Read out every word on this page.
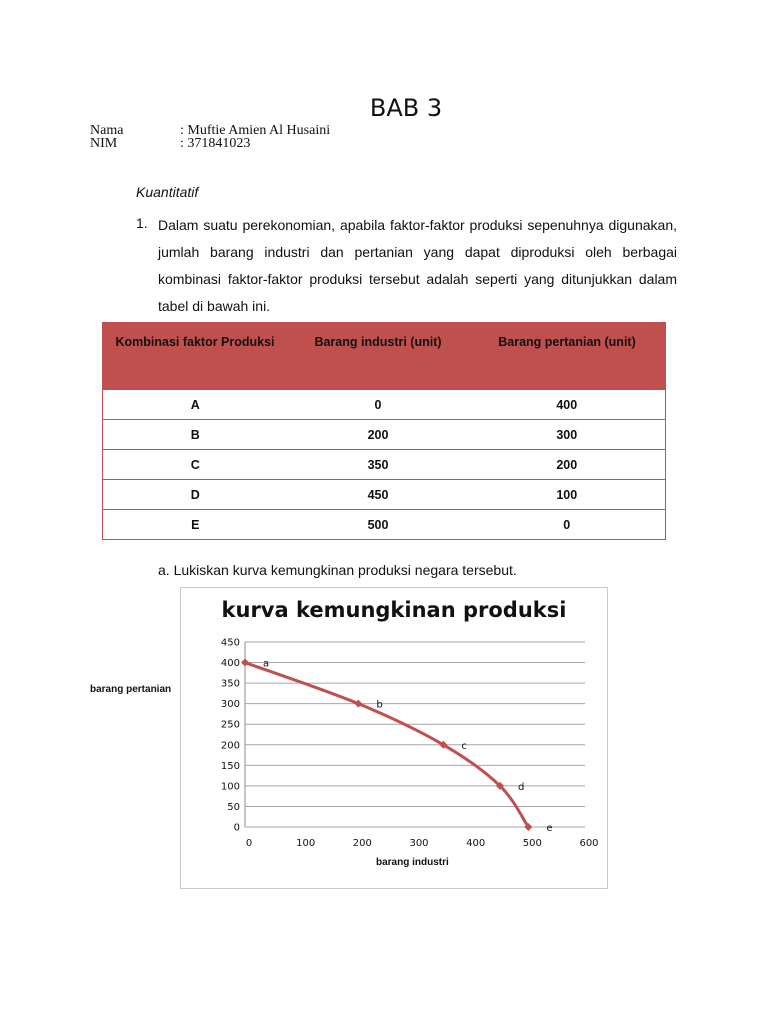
BAB 3
Nama	: Muftie Amien Al Husaini
NIM	: 371841023
Kuantitatif
1. Dalam suatu perekonomian, apabila faktor-faktor produksi sepenuhnya digunakan, jumlah barang industri dan pertanian yang dapat diproduksi oleh berbagai kombinasi faktor-faktor produksi tersebut adalah seperti yang ditunjukkan dalam tabel di bawah ini.
Kombinasi faktor Produksi	Barang industri (unit)	Barang pertanian (unit)
A	0	400
B	200	300
C	350	200
D	450	100
E	500	0
a. Lukiskan kurva kemungkinan produksi negara tersebut.
kurva kemungkinan produksi
barang pertanian
barang industri
0
50
100
150
200
250
300
350
400
450
0	100	200	300	400	500	600
a
b
c
d
e
